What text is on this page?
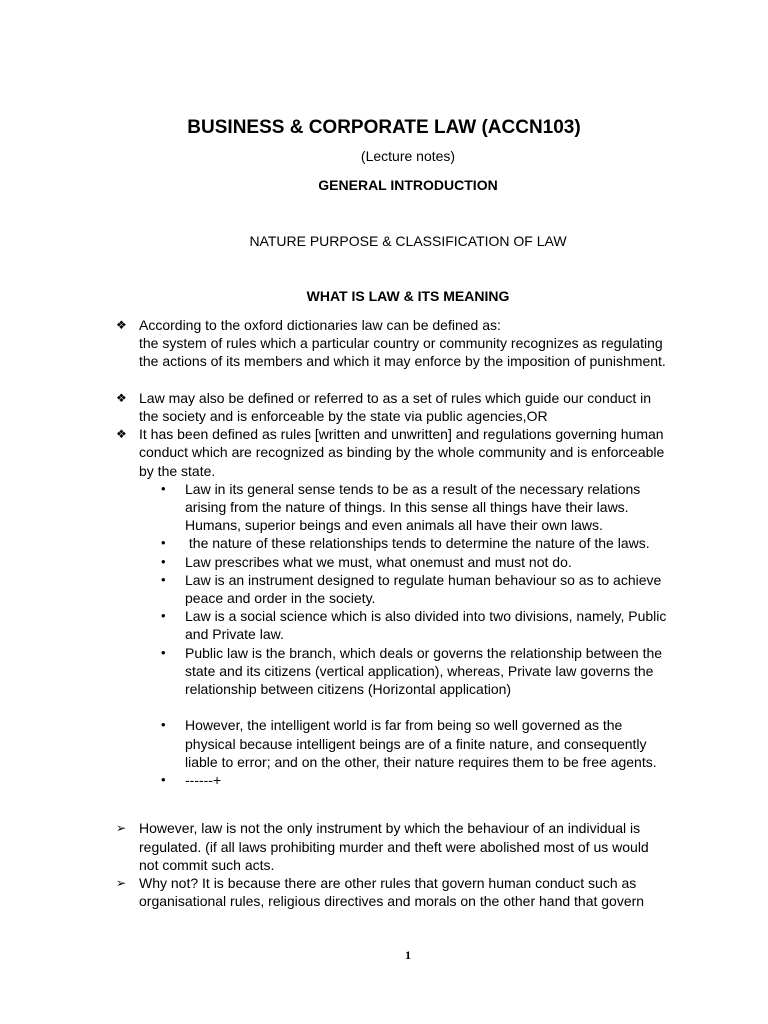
BUSINESS & CORPORATE LAW (ACCN103)
(Lecture notes)
GENERAL INTRODUCTION
NATURE PURPOSE & CLASSIFICATION OF LAW
WHAT IS LAW & ITS MEANING
❖ According to the oxford dictionaries law can be defined as:
the system of rules which a particular country or community recognizes as regulating
the actions of its members and which it may enforce by the imposition of punishment.
❖ Law may also be defined or referred to as a set of rules which guide our conduct in
the society and is enforceable by the state via public agencies,OR
❖ It has been defined as rules [written and unwritten] and regulations governing human
conduct which are recognized as binding by the whole community and is enforceable
by the state.
• Law in its general sense tends to be as a result of the necessary relations
arising from the nature of things. In this sense all things have their laws.
Humans, superior beings and even animals all have their own laws.
• the nature of these relationships tends to determine the nature of the laws.
• Law prescribes what we must, what onemust and must not do.
• Law is an instrument designed to regulate human behaviour so as to achieve
peace and order in the society.
• Law is a social science which is also divided into two divisions, namely, Public
and Private law.
• Public law is the branch, which deals or governs the relationship between the
state and its citizens (vertical application), whereas, Private law governs the
relationship between citizens (Horizontal application)
• However, the intelligent world is far from being so well governed as the
physical because intelligent beings are of a finite nature, and consequently
liable to error; and on the other, their nature requires them to be free agents.
• ------+
➢ However, law is not the only instrument by which the behaviour of an individual is
regulated. (if all laws prohibiting murder and theft were abolished most of us would
not commit such acts.
➢ Why not? It is because there are other rules that govern human conduct such as
organisational rules, religious directives and morals on the other hand that govern
1
